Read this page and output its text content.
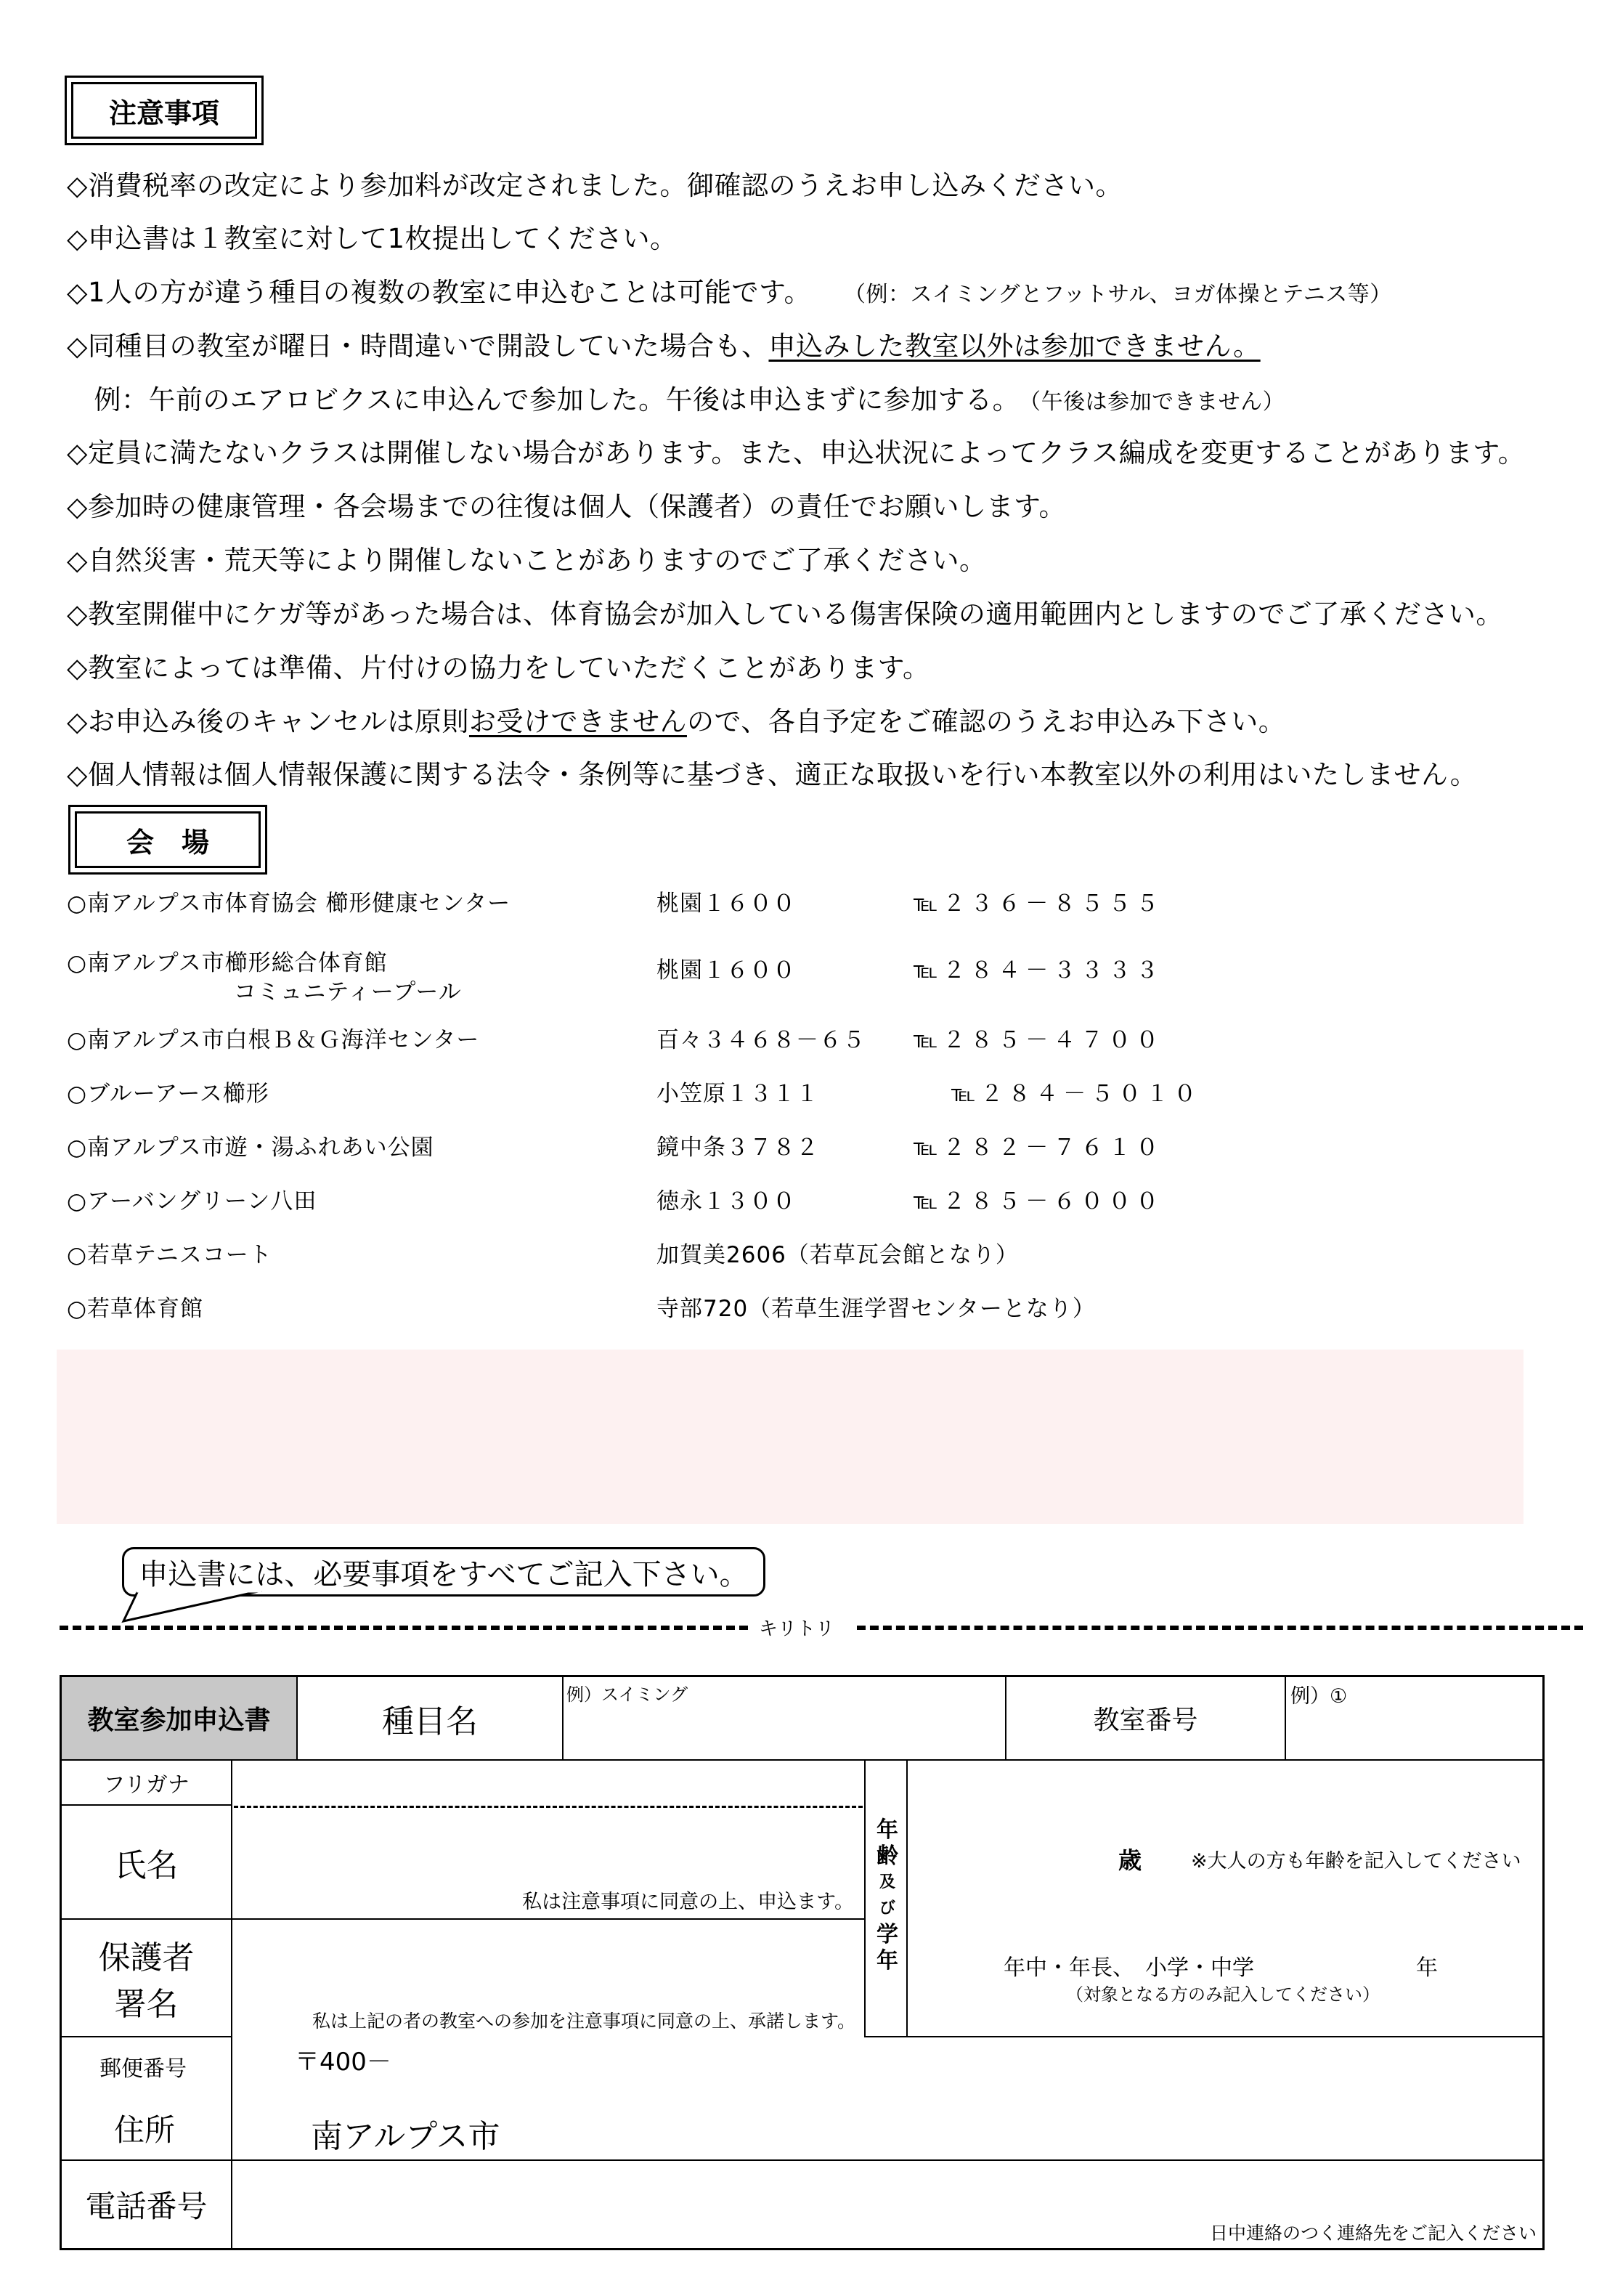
注意事項
◇消費税率の改定により参加料が改定されました。御確認のうえお申し込みください。
◇申込書は１教室に対して1枚提出してください。
◇1人の方が違う種目の複数の教室に申込むことは可能です。 （例：スイミングとフットサル、ヨガ体操とテニス等）
◇同種目の教室が曜日・時間違いで開設していた場合も、申込みした教室以外は参加できません。
　例：午前のエアロビクスに申込んで参加した。午後は申込まずに参加する。 （午後は参加できません）
◇定員に満たないクラスは開催しない場合があります。また、申込状況によってクラス編成を変更することがあります。
◇参加時の健康管理・各会場までの往復は個人（保護者）の責任でお願いします。
◇自然災害・荒天等により開催しないことがありますのでご了承ください。
◇教室開催中にケガ等があった場合は、体育協会が加入している傷害保険の適用範囲内としますのでご了承ください。
◇教室によっては準備、片付けの協力をしていただくことがあります。
◇お申込み後のキャンセルは原則お受けできませんので、各自予定をご確認のうえお申込み下さい。
◇個人情報は個人情報保護に関する法令・条例等に基づき、適正な取扱いを行い本教室以外の利用はいたしません。
会　場
○南アルプス市体育協会 櫛形健康センター	桃園１６００	℡２３６－８５５５
○南アルプス市櫛形総合体育館
コミュニティープール
桃園１６００	℡２８４－３３３３
○南アルプス市白根Ｂ＆Ｇ海洋センター	百々３４６８－６５ ℡２８５－４７００
○ブルーアース櫛形	小笠原１３１１	℡２８４－５０１０
○南アルプス市遊・湯ふれあい公園	鏡中条３７８２	℡２８２－７６１０
○アーバングリーン八田	徳永１３００	℡２８５－６０００
○若草テニスコート	加賀美2606（若草瓦会館となり）
○若草体育館	寺部720（若草生涯学習センターとなり）
申込書には、必要事項をすべてご記入下さい。
キリトリ
教室参加申込書	種目名
例）スイミング
教室番号
例）①
フリガナ
氏名
保護者
署名
私は注意事項に同意の上、申込ます。
私は上記の者の教室への参加を注意事項に同意の上、承諾します。
年
齢
及
び
学
年
歳	※大人の方も年齢を記入してください
年中・年長、　小学・中学	年
（対象となる方のみ記入してください）
郵便番号
住所
〒400－
南アルプス市
電話番号
日中連絡のつく連絡先をご記入ください
